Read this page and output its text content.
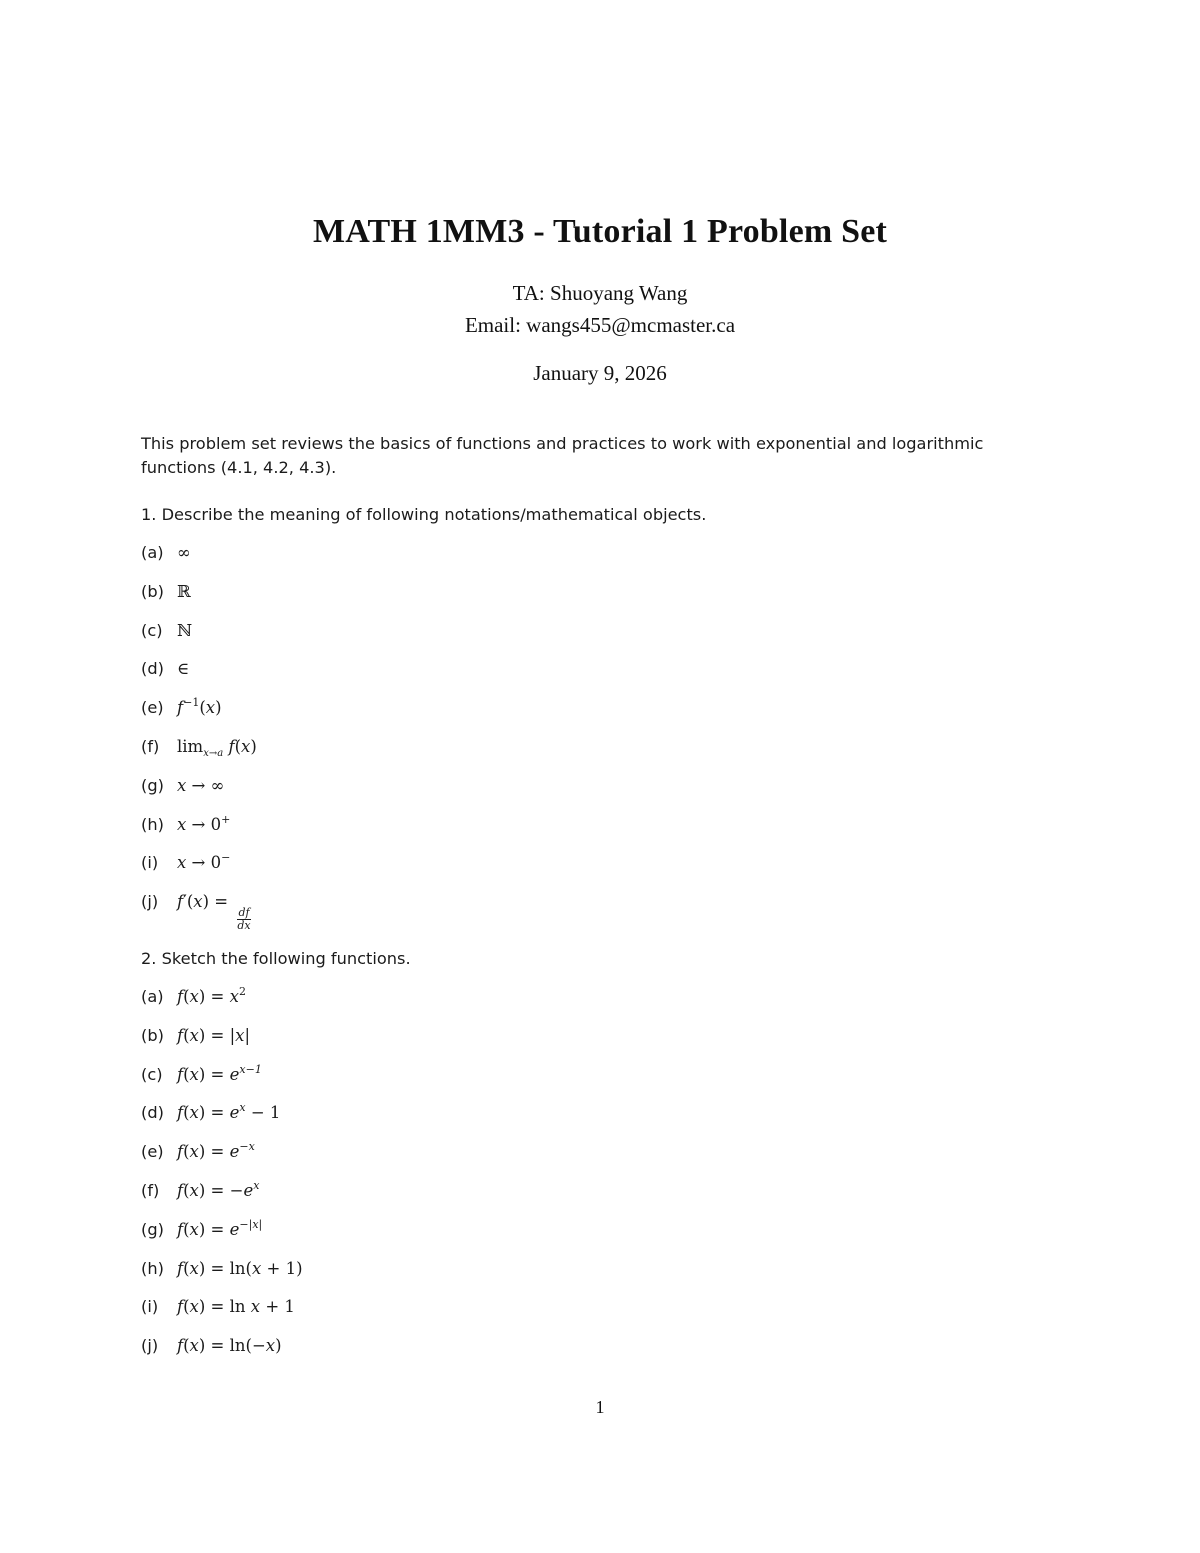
MATH 1MM3 - Tutorial 1 Problem Set
TA: Shuoyang Wang
Email: wangs455@mcmaster.ca
January 9, 2026
This problem set reviews the basics of functions and practices to work with exponential and logarithmic functions (4.1, 4.2, 4.3).
1. Describe the meaning of following notations/mathematical objects.
(a) ∞
(b) ℝ
(c) ℕ
(d) ∈
(e) $f^{-1}(x)$
(f)	$\lim_{x\to a} f(x)$
(g) x → ∞
(h) x → 0+
(i)	x → 0−
(j)	f′(x) =
$\frac{df}{dx}$
2. Sketch the following functions.
(a) $f(x) = x^2$
(b) f(x) = |x|
(c) $f(x) = e^{x-1}$
(d) $f(x) = e^x - 1$
(e) $f(x) = e^{-x}$
(f)	$f(x) = -e^x$
(g) $f(x) = e^{-|x|}$
(h) f(x) = ln(x + 1)
(i)	f(x) = ln x + 1
(j)	f(x) = ln(−x)
1
